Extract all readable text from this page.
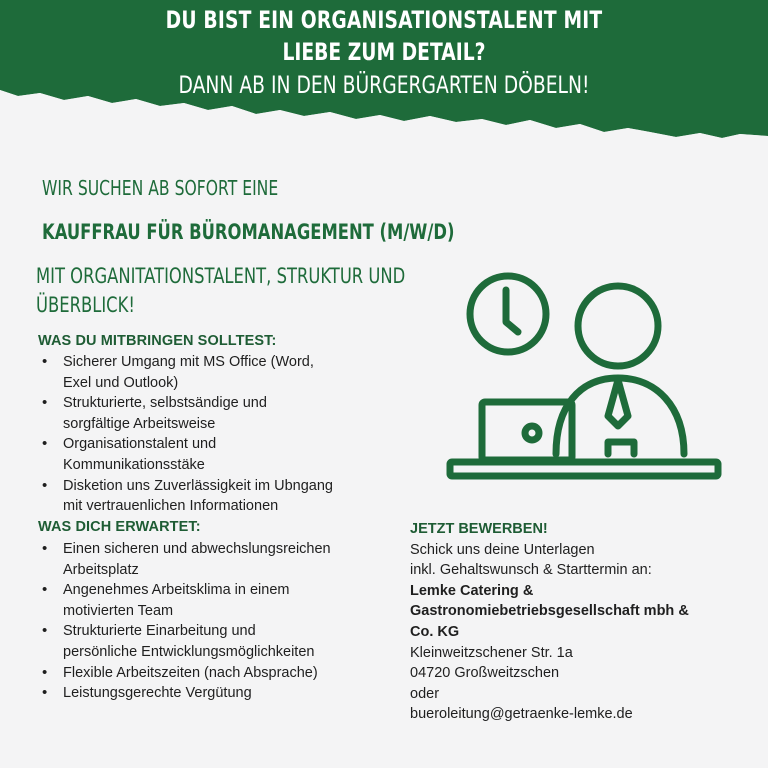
DU BIST EIN ORGANISATIONSTALENT MIT
LIEBE ZUM DETAIL?
DANN AB IN DEN BÜRGERGARTEN DÖBELN!
WIR SUCHEN AB SOFORT EINE
KAUFFRAU FÜR BÜROMANAGEMENT (M/W/D)
MIT ORGANITATIONSTALENT, STRUKTUR UND
ÜBERBLICK!
WAS DU MITBRINGEN SOLLTEST:
• Sicherer Umgang mit MS Office (Word,
Exel und Outlook)
• Strukturierte, selbstsändige und
sorgfältige Arbeitsweise
• Organisationstalent und
Kommunikationsstäke
• Disketion uns Zuverlässigkeit im Ubngang
mit vertrauenlichen Informationen
WAS DICH ERWARTET:
• Einen sicheren und abwechslungsreichen
Arbeitsplatz
• Angenehmes Arbeitsklima in einem
motivierten Team
• Strukturierte Einarbeitung und
persönliche Entwicklungsmöglichkeiten
• Flexible Arbeitszeiten (nach Absprache)
• Leistungsgerechte Vergütung
JETZT BEWERBEN!
Schick uns deine Unterlagen
inkl. Gehaltswunsch & Starttermin an:
Lemke Catering &
Gastronomiebetriebsgesellschaft mbh &
Co. KG
Kleinweitzschener Str. 1a
04720 Großweitzschen
oder
bueroleitung@getraenke-lemke.de
